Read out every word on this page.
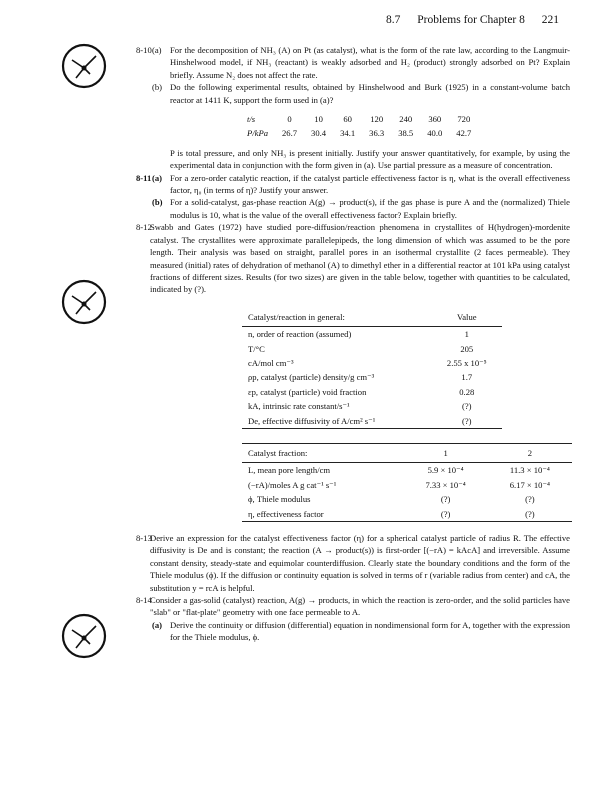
8.7 Problems for Chapter 8 221
8-10 (a) For the decomposition of NH₃ (A) on Pt (as catalyst), what is the form of the rate law, according to the Langmuir-Hinshelwood model, if NH₃ (reactant) is weakly adsorbed and H₂ (product) strongly adsorbed on Pt? Explain briefly. Assume N₂ does not affect the rate.
(b) Do the following experimental results, obtained by Hinshelwood and Burk (1925) in a constant-volume batch reactor at 1411 K, support the form used in (a)?
t/s	0	10	60	120	240	360	720
P/kPa	26.7	30.4	34.1	36.3	38.5	40.0	42.7
P is total pressure, and only NH₃ is present initially. Justify your answer quantitatively, for example, by using the experimental data in conjunction with the form given in (a). Use partial pressure as a measure of concentration.
8-11 (a) For a zero-order catalytic reaction, if the catalyst particle effectiveness factor is η, what is the overall effectiveness factor, η₀ (in terms of η)? Justify your answer.
(b) For a solid-catalyst, gas-phase reaction A(g) → product(s), if the gas phase is pure A and the (normalized) Thiele modulus is 10, what is the value of the overall effectiveness factor? Explain briefly.
8-12
Swabb and Gates (1972) have studied pore-diffusion/reaction phenomena in crystallites of H(hydrogen)-mordenite catalyst. The crystallites were approximate parallelepipeds, the long dimension of which was assumed to be the pore length. Their analysis was based on straight, parallel pores in an isothermal crystallite (2 faces permeable). They measured (initial) rates of dehydration of methanol (A) to dimethyl ether in a differential reactor at 101 kPa using catalyst fractions of different sizes. Results (for two sizes) are given in the table below, together with quantities to be calculated, indicated by (?).
Catalyst/reaction in general:	Value
n, order of reaction (assumed)	1
T/°C	205
cA/mol cm⁻³	2.55 x 10⁻⁵
ρp, catalyst (particle) density/g cm⁻³	1.7
εp, catalyst (particle) void fraction	0.28
kA, intrinsic rate constant/s⁻¹	(?)
De, effective diffusivity of A/cm² s⁻¹	(?)
Catalyst fraction:	1	2
L, mean pore length/cm	5.9 × 10⁻⁴	11.3 × 10⁻⁴
(−rA)/moles A g cat⁻¹ s⁻¹	7.33 × 10⁻⁴	6.17 × 10⁻⁴
ϕ, Thiele modulus	(?)	(?)
η, effectiveness factor	(?)	(?)
8-13
Derive an expression for the catalyst effectiveness factor (η) for a spherical catalyst particle of radius R. The effective diffusivity is De and is constant; the reaction (A → product(s)) is first-order [(−rA) = kAcA] and irreversible. Assume constant density, steady-state and equimolar counterdiffusion. Clearly state the boundary conditions and the form of the Thiele modulus (ϕ). If the diffusion or continuity equation is solved in terms of r (variable radius from center) and cA, the substitution y = rcA is helpful.
8-14
Consider a gas-solid (catalyst) reaction, A(g) → products, in which the reaction is zero-order, and the solid particles have "slab" or "flat-plate" geometry with one face permeable to A.
(a) Derive the continuity or diffusion (differential) equation in nondimensional form for A, together with the expression for the Thiele modulus, ϕ.
